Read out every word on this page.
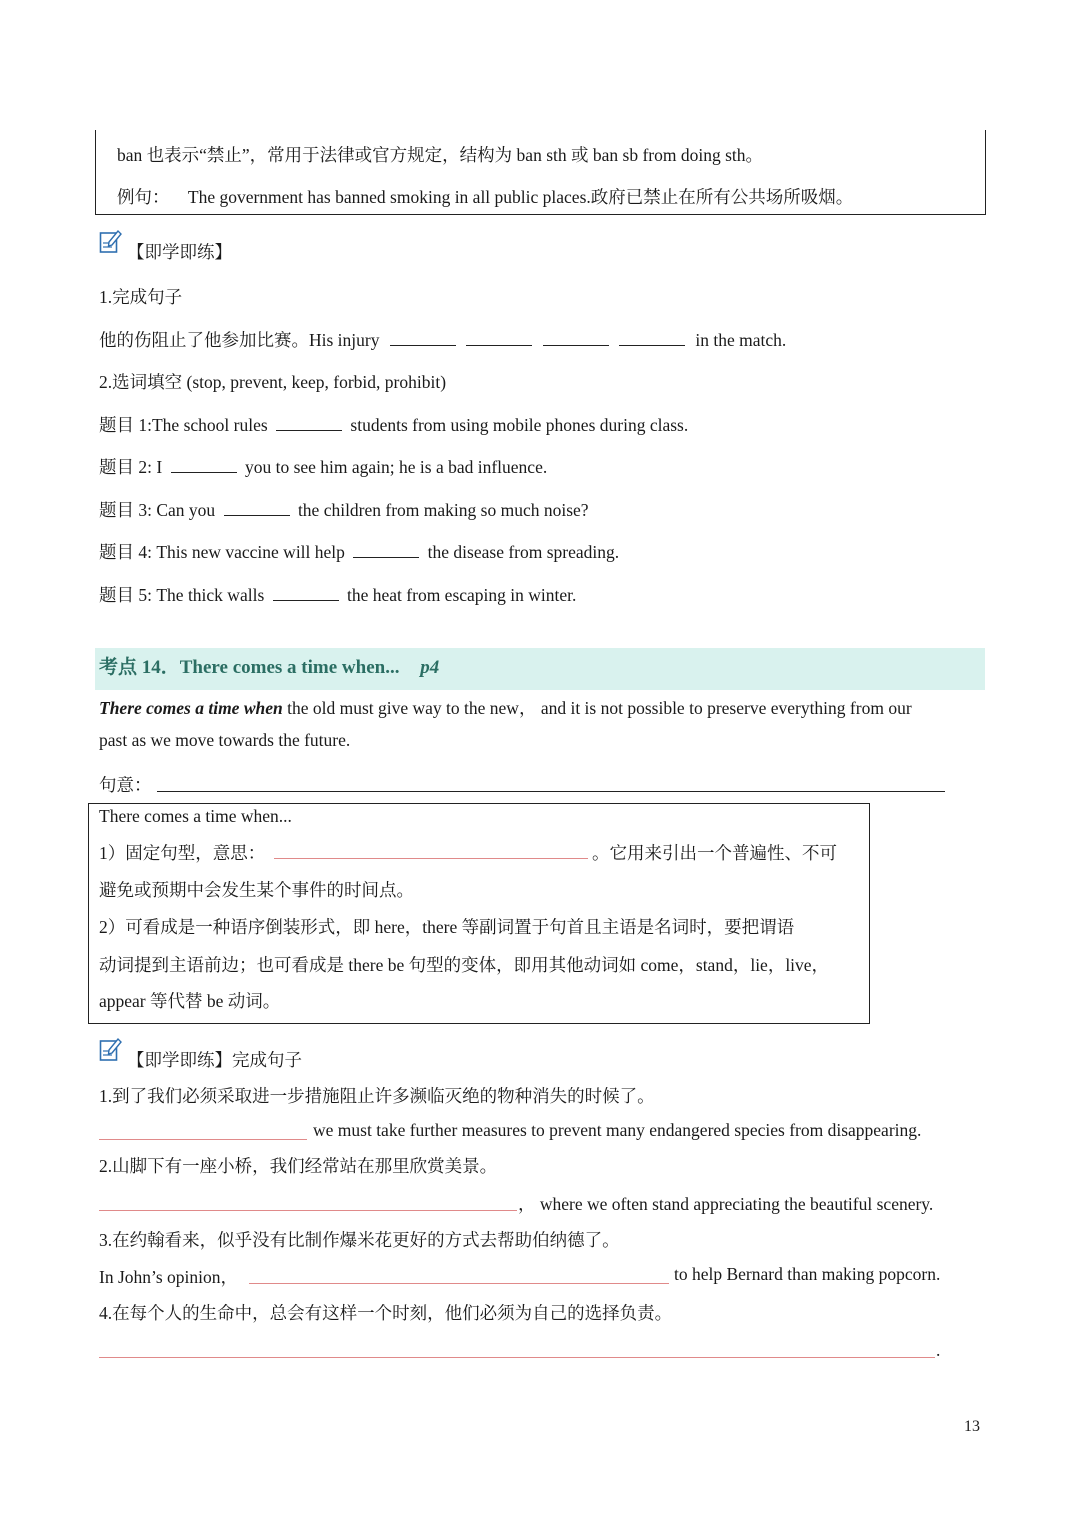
ban 也表示“禁止”，常用于法律或官方规定，结构为 ban sth 或 ban sb from doing sth。
例句： The government has banned smoking in all public places.政府已禁止在所有公共场所吸烟。
【即学即练】
1.完成句子
他的伤阻止了他参加比赛。His injury	in the match.
2.选词填空 (stop, prevent, keep, forbid, prohibit)
题目 1:The school rules	students from using mobile phones during class.
题目 2: I	you to see him again; he is a bad influence.
题目 3: Can you	the children from making so much noise?
题目 4: This new vaccine will help	the disease from spreading.
题目 5: The thick walls	the heat from escaping in winter.
考点 14．There comes a time when... p4
There comes a time when the old must give way to the new， and it is not possible to preserve everything from our
past as we move towards the future.
句意：
There comes a time when...
1）固定句型，意思：	。它用来引出一个普遍性、不可
避免或预期中会发生某个事件的时间点。
2）可看成是一种语序倒装形式，即 here，there 等副词置于句首且主语是名词时，要把谓语
动词提到主语前边；也可看成是 there be 句型的变体，即用其他动词如 come，stand，lie，live，
appear 等代替 be 动词。
【即学即练】完成句子
1.到了我们必须采取进一步措施阻止许多濒临灭绝的物种消失的时候了。
we must take further measures to prevent many endangered species from disappearing.
2.山脚下有一座小桥，我们经常站在那里欣赏美景。
， where we often stand appreciating the beautiful scenery.
3.在约翰看来，似乎没有比制作爆米花更好的方式去帮助伯纳德了。
In John’s opinion，	to help Bernard than making popcorn.
4.在每个人的生命中，总会有这样一个时刻，他们必须为自己的选择负责。
.
13
